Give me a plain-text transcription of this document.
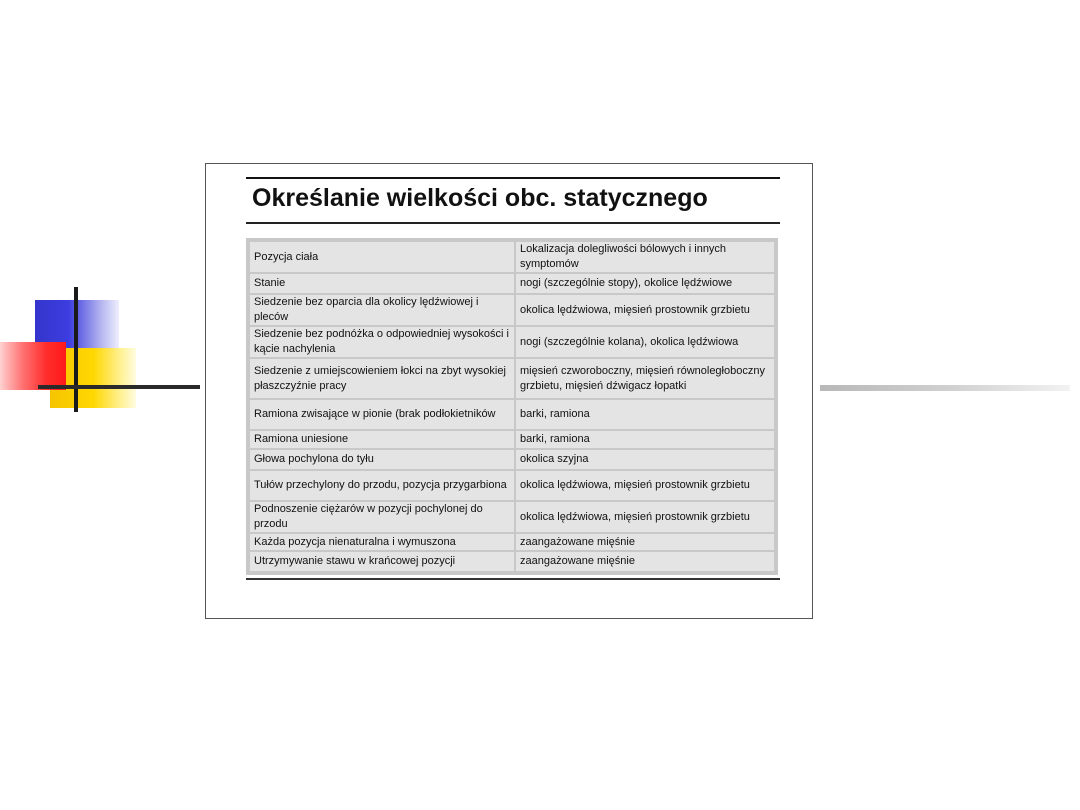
Określanie wielkości obc. statycznego
Pozycja ciała	Lokalizacja dolegliwości bólowych i innych symptomów
Stanie	nogi (szczególnie stopy), okolice lędźwiowe
Siedzenie bez oparcia dla okolicy lędźwiowej i pleców	okolica lędźwiowa, mięsień prostownik grzbietu
Siedzenie bez podnóżka o odpowiedniej wysokości i kącie nachylenia	nogi (szczególnie kolana), okolica lędźwiowa
Siedzenie z umiejscowieniem łokci na zbyt wysokiej płaszczyźnie pracy	mięsień czworoboczny, mięsień równoległoboczny grzbietu, mięsień dźwigacz łopatki
Ramiona zwisające w pionie (brak podłokietników	barki, ramiona
Ramiona uniesione	barki, ramiona
Głowa pochylona do tyłu	okolica szyjna
Tułów przechylony do przodu, pozycja przygarbiona	okolica lędźwiowa, mięsień prostownik grzbietu
Podnoszenie ciężarów w pozycji pochylonej do przodu	okolica lędźwiowa, mięsień prostownik grzbietu
Każda pozycja nienaturalna i wymuszona	zaangażowane mięśnie
Utrzymywanie stawu w krańcowej pozycji	zaangażowane mięśnie
